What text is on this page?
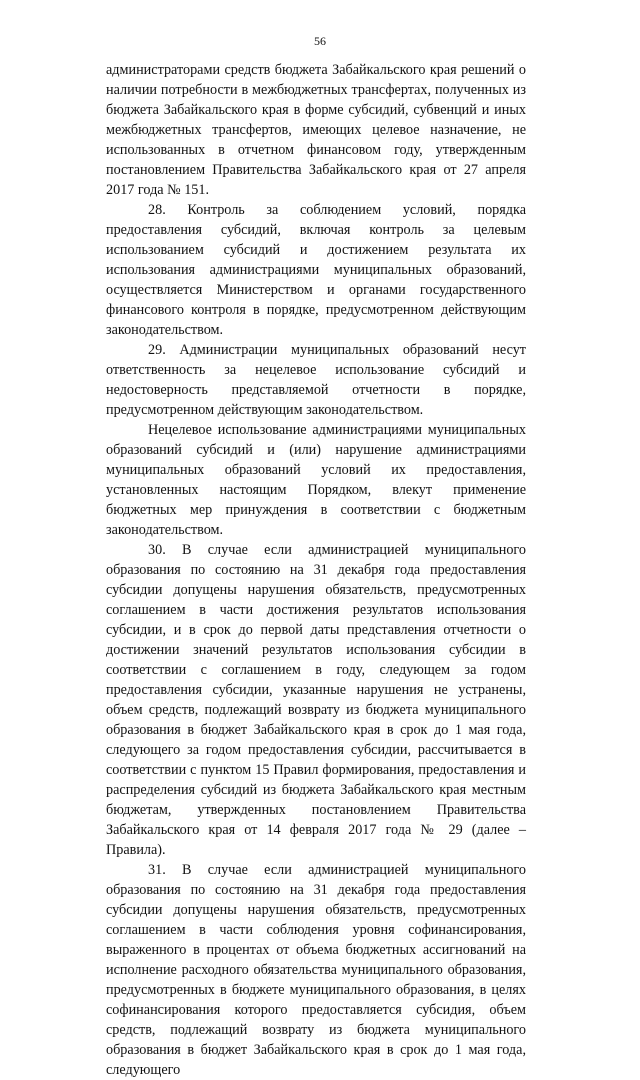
56

администраторами средств бюджета Забайкальского края решений о наличии потребности в межбюджетных трансфертах, полученных из бюджета Забайкальского края в форме субсидий, субвенций и иных межбюджетных трансфертов, имеющих целевое назначение, не использованных в отчетном финансовом году, утвержденным постановлением Правительства Забайкальского края от 27 апреля 2017 года № 151.

28. Контроль за соблюдением условий, порядка предоставления субсидий, включая контроль за целевым использованием субсидий и достижением результата их использования администрациями муниципальных образований, осуществляется Министерством и органами государственного финансового контроля в порядке, предусмотренном действующим законодательством.

29. Администрации муниципальных образований несут ответственность за нецелевое использование субсидий и недостоверность представляемой отчетности в порядке, предусмотренном действующим законодательством.

Нецелевое использование администрациями муниципальных образований субсидий и (или) нарушение администрациями муниципальных образований условий их предоставления, установленных настоящим Порядком, влекут применение бюджетных мер принуждения в соответствии с бюджетным законодательством.

30. В случае если администрацией муниципального образования по состоянию на 31 декабря года предоставления субсидии допущены нарушения обязательств, предусмотренных соглашением в части достижения результатов использования субсидии, и в срок до первой даты представления отчетности о достижении значений результатов использования субсидии в соответствии с соглашением в году, следующем за годом предоставления субсидии, указанные нарушения не устранены, объем средств, подлежащий возврату из бюджета муниципального образования в бюджет Забайкальского края в срок до 1 мая года, следующего за годом предоставления субсидии, рассчитывается в соответствии с пунктом 15 Правил формирования, предоставления и распределения субсидий из бюджета Забайкальского края местным бюджетам, утвержденных постановлением Правительства Забайкальского края от 14 февраля 2017 года № 29 (далее – Правила).

31. В случае если администрацией муниципального образования по состоянию на 31 декабря года предоставления субсидии допущены нарушения обязательств, предусмотренных соглашением в части соблюдения уровня софинансирования, выраженного в процентах от объема бюджетных ассигнований на исполнение расходного обязательства муниципального образования, предусмотренных в бюджете муниципального образования, в целях софинансирования которого предоставляется субсидия, объем средств, подлежащий возврату из бюджета муниципального образования в бюджет Забайкальского края в срок до 1 мая года, следующего
